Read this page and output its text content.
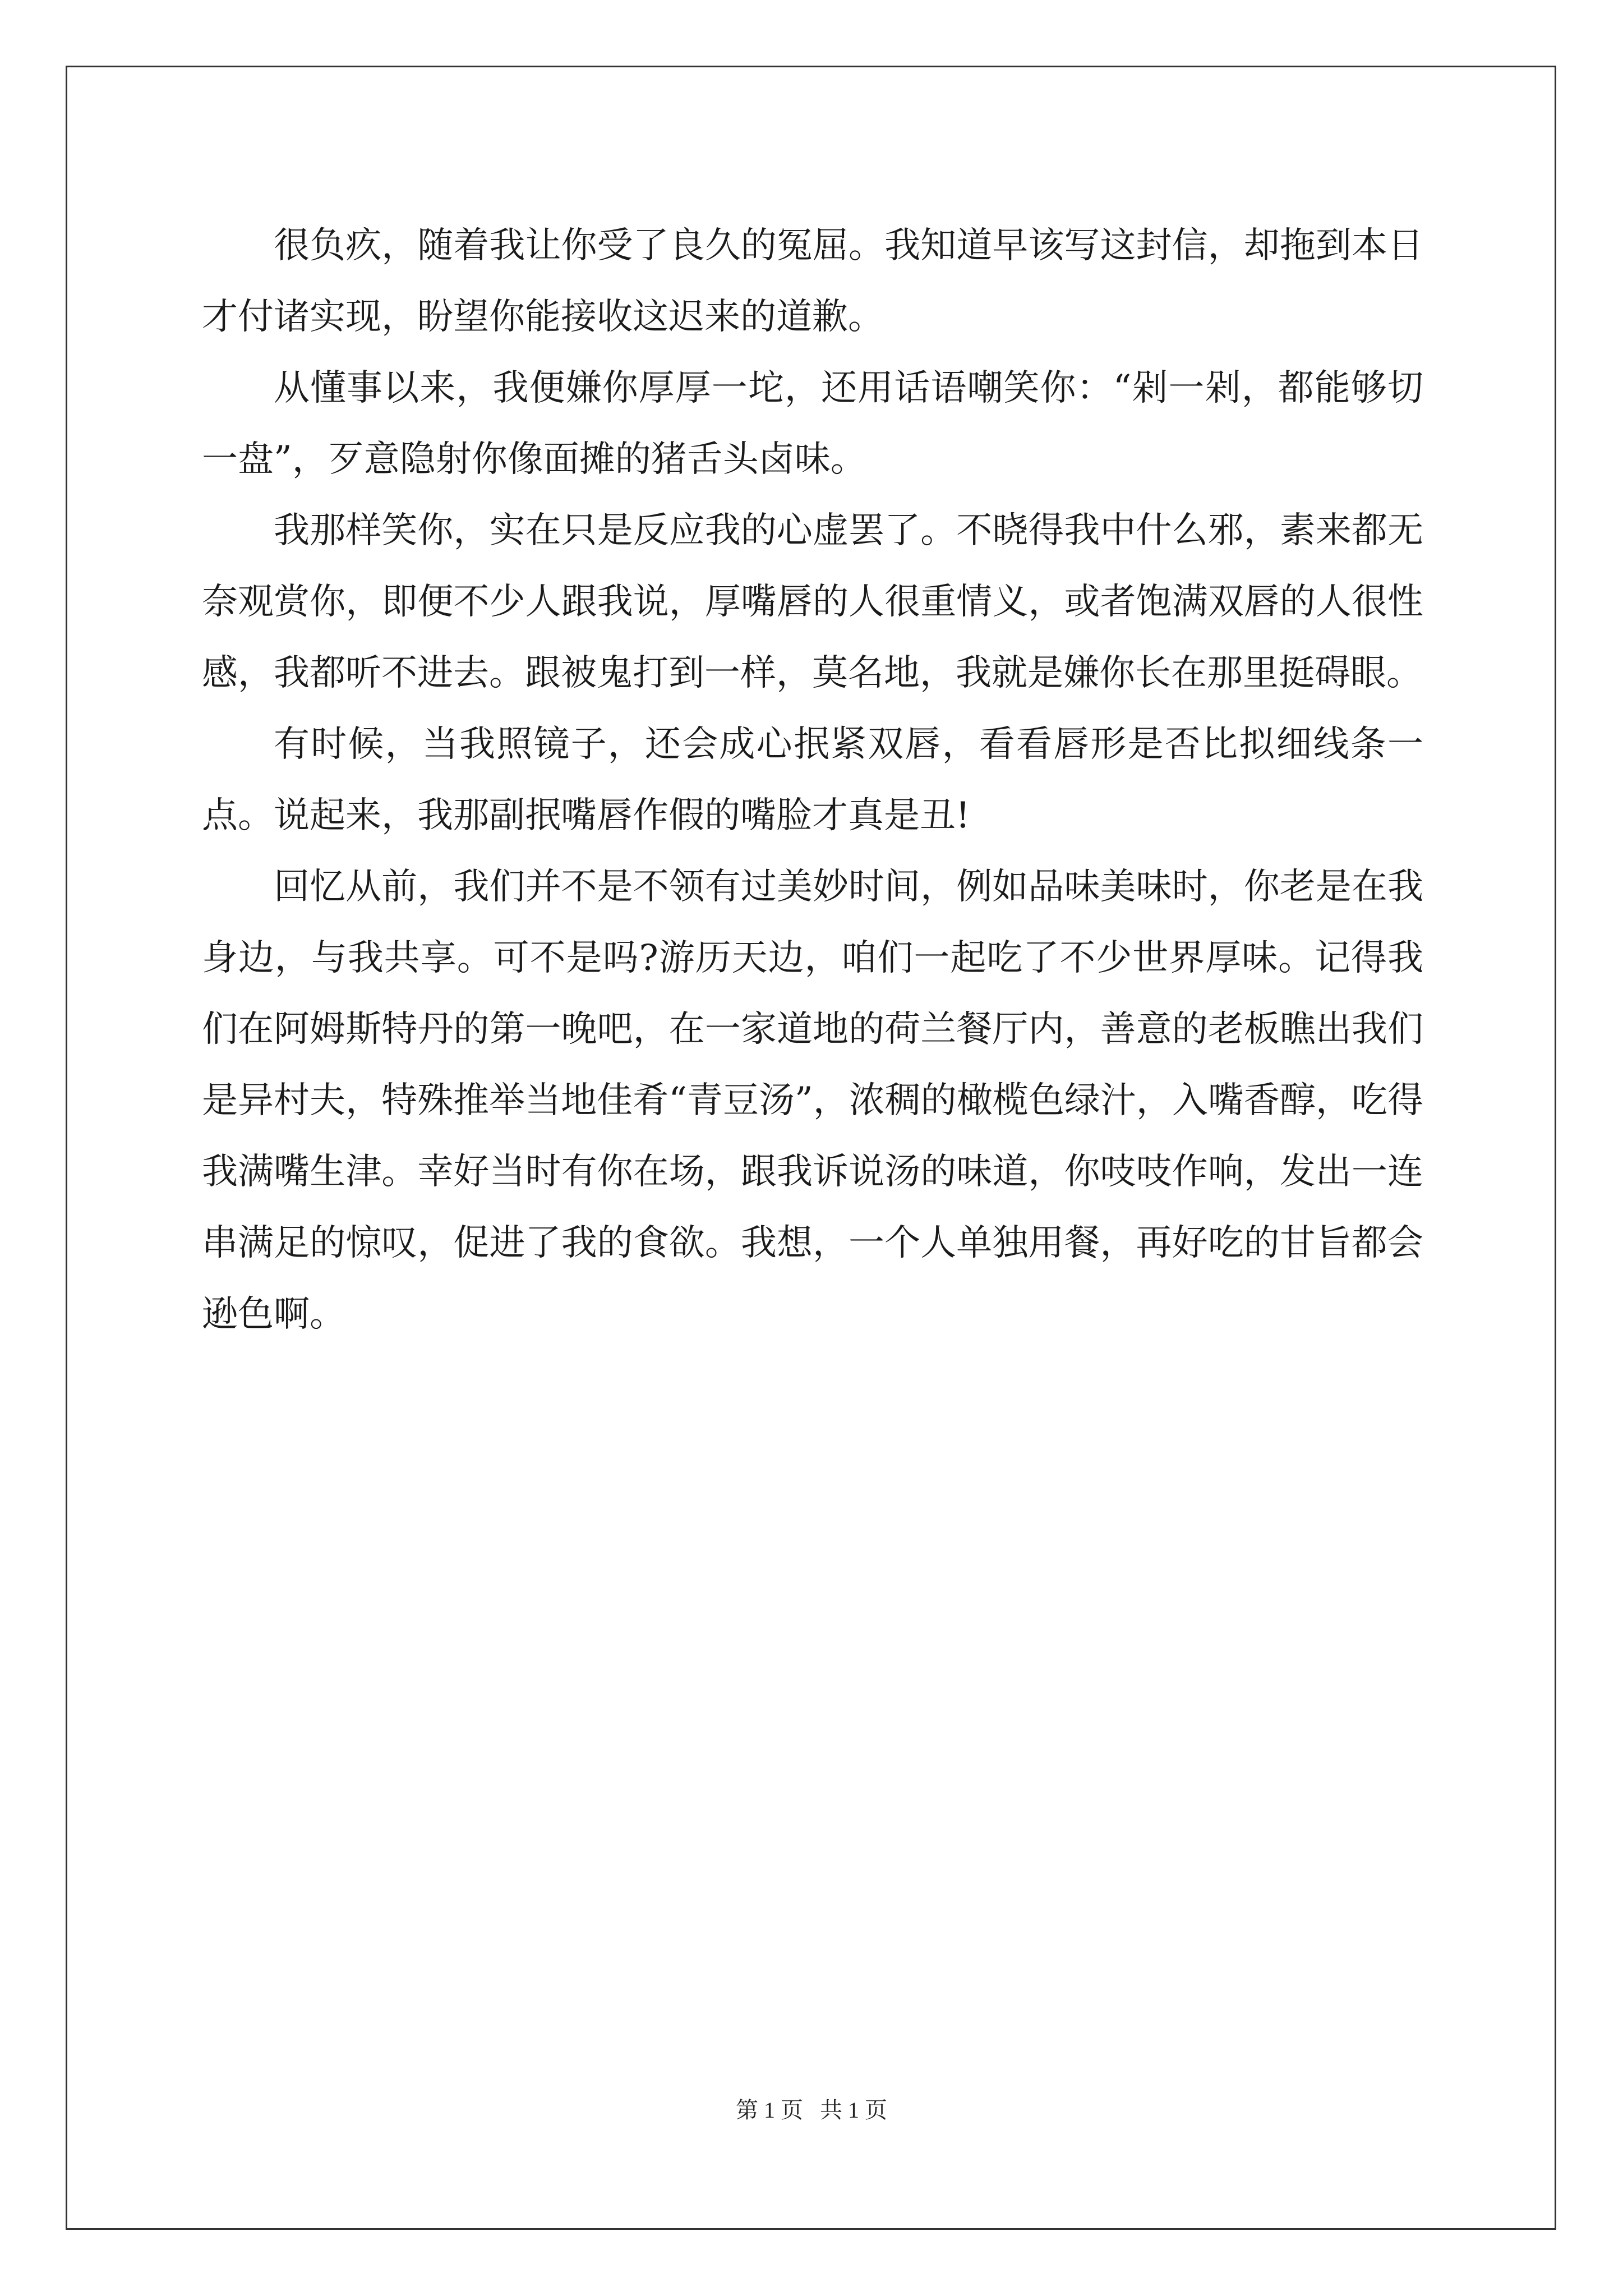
很负疚，随着我让你受了良久的冤屈。我知道早该写这封信，却拖到本日才付诸实现，盼望你能接收这迟来的道歉。

从懂事以来，我便嫌你厚厚一坨，还用话语嘲笑你：“剁一剁，都能够切一盘”，歹意隐射你像面摊的猪舌头卤味。

我那样笑你，实在只是反应我的心虚罢了。不晓得我中什么邪，素来都无奈观赏你，即便不少人跟我说，厚嘴唇的人很重情义，或者饱满双唇的人很性感，我都听不进去。跟被鬼打到一样，莫名地，我就是嫌你长在那里挺碍眼。

有时候，当我照镜子，还会成心抿紧双唇，看看唇形是否比拟细线条一点。说起来，我那副抿嘴唇作假的嘴脸才真是丑!

回忆从前，我们并不是不领有过美妙时间，例如品味美味时，你老是在我身边，与我共享。可不是吗?游历天边，咱们一起吃了不少世界厚味。记得我们在阿姆斯特丹的第一晚吧，在一家道地的荷兰餐厅内，善意的老板瞧出我们是异村夫，特殊推举当地佳肴“青豆汤”，浓稠的橄榄色绿汁，入嘴香醇，吃得我满嘴生津。幸好当时有你在场，跟我诉说汤的味道，你吱吱作响，发出一连串满足的惊叹，促进了我的食欲。我想，一个人单独用餐，再好吃的甘旨都会逊色啊。

第 1 页   共 1 页
